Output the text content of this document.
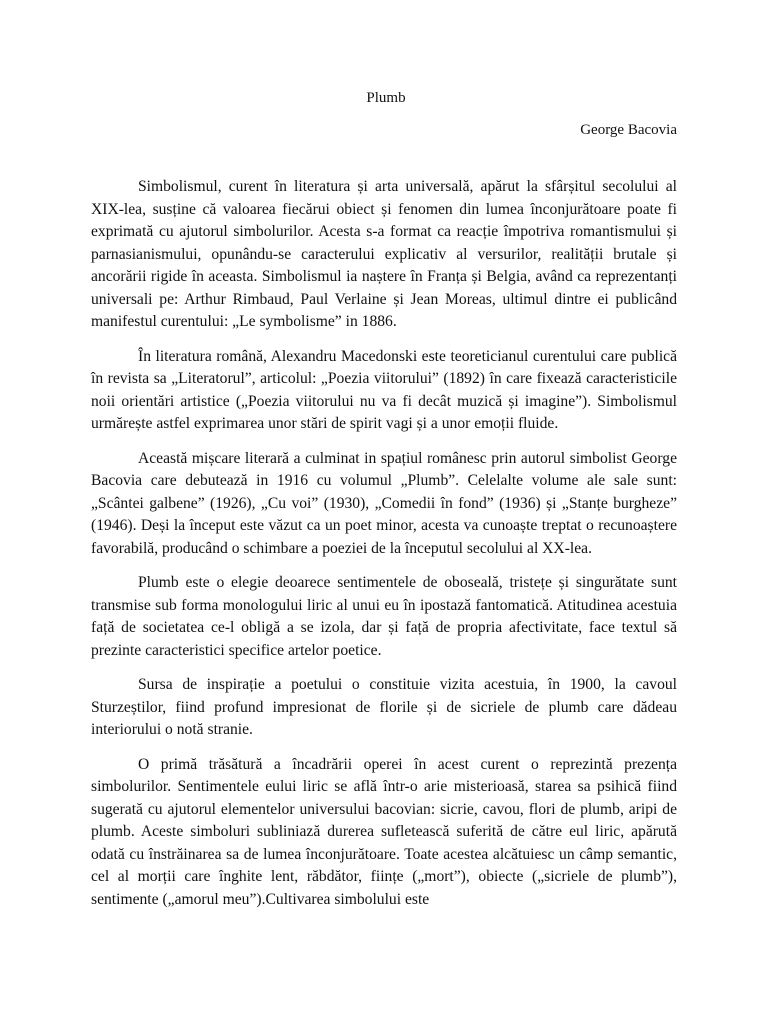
Plumb

George Bacovia

Simbolismul, curent în literatura și arta universală, apărut la sfârșitul secolului al XIX-lea, susține că valoarea fiecărui obiect și fenomen din lumea înconjurătoare poate fi exprimată cu ajutorul simbolurilor. Acesta s-a format ca reacție împotriva romantismului și parnasianismului, opunându-se caracterului explicativ al versurilor, realității brutale și ancorării rigide în aceasta. Simbolismul ia naștere în Franța și Belgia, având ca reprezentanți universali pe: Arthur Rimbaud, Paul Verlaine și Jean Moreas, ultimul dintre ei publicând manifestul curentului: „Le symbolisme” in 1886.

În literatura română, Alexandru Macedonski este teoreticianul curentului care publică în revista sa „Literatorul”, articolul: „Poezia viitorului” (1892) în care fixează caracteristicile noii orientări artistice („Poezia viitorului nu va fi decât muzică și imagine”). Simbolismul urmărește astfel exprimarea unor stări de spirit vagi și a unor emoții fluide.

Această mișcare literară a culminat in spațiul românesc prin autorul simbolist George Bacovia care debutează in 1916 cu volumul „Plumb”. Celelalte volume ale sale sunt: „Scântei galbene” (1926), „Cu voi” (1930), „Comedii în fond” (1936) și „Stanțe burgheze” (1946). Deși la început este văzut ca un poet minor, acesta va cunoaște treptat o recunoaștere favorabilă, producând o schimbare a poeziei de la începutul secolului al XX-lea.

Plumb este o elegie deoarece sentimentele de oboseală, tristețe și singurătate sunt transmise sub forma monologului liric al unui eu în ipostază fantomatică. Atitudinea acestuia față de societatea ce-l obligă a se izola, dar și față de propria afectivitate, face textul să prezinte caracteristici specifice artelor poetice.

Sursa de inspirație a poetului o constituie vizita acestuia, în 1900, la cavoul Sturzeștilor, fiind profund impresionat de florile și de sicriele de plumb care dădeau interiorului o notă stranie.

O primă trăsătură a încadrării operei în acest curent o reprezintă prezența simbolurilor. Sentimentele eului liric se află într-o arie misterioasă, starea sa psihică fiind sugerată cu ajutorul elementelor universului bacovian: sicrie, cavou, flori de plumb, aripi de plumb. Aceste simboluri subliniază durerea sufletească suferită de către eul liric, apărută odată cu înstrăinarea sa de lumea înconjurătoare. Toate acestea alcătuiesc un câmp semantic, cel al morții care înghite lent, răbdător, ființe („mort”), obiecte („sicriele de plumb”), sentimente („amorul meu”).Cultivarea simbolului este
